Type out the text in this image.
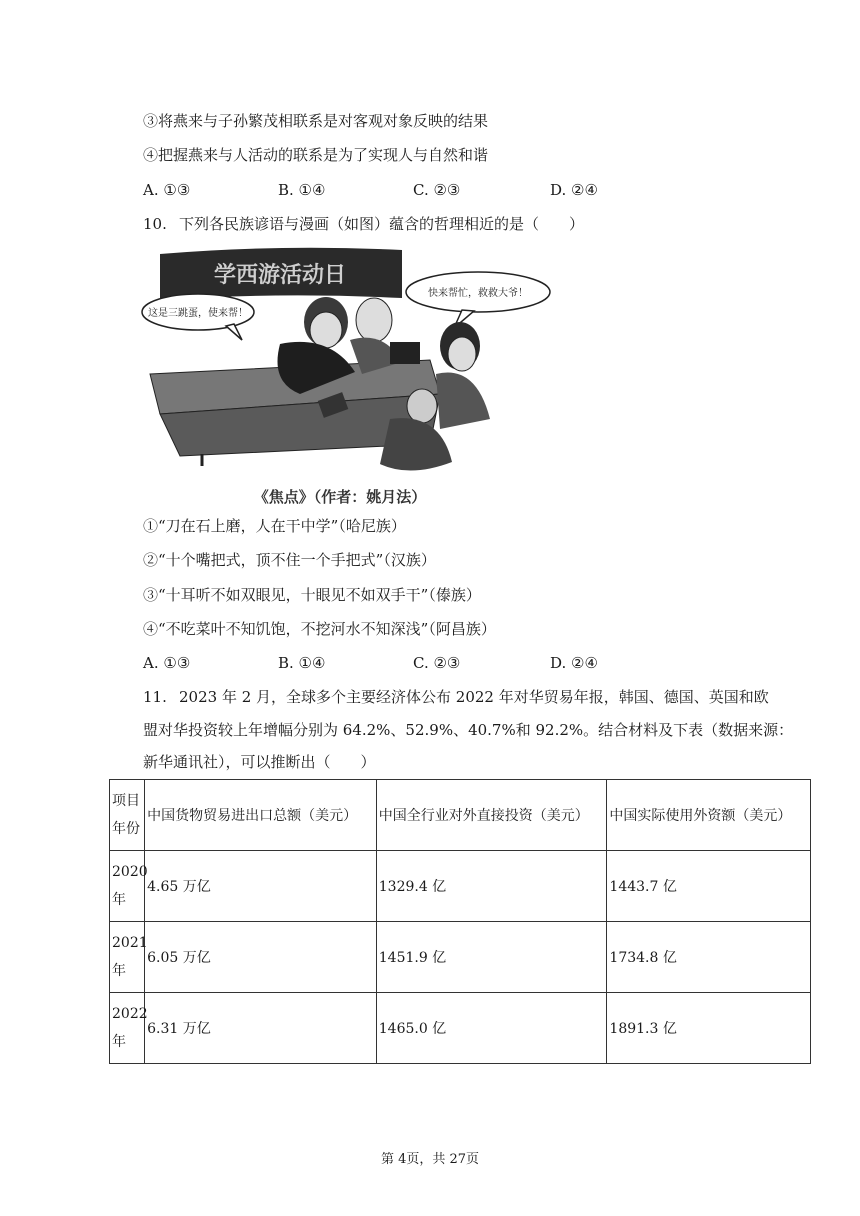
③将燕来与子孙繁茂相联系是对客观对象反映的结果
④把握燕来与人活动的联系是为了实现人与自然和谐
A. ①③	B. ①④	C. ②③	D. ②④
10. 下列各民族谚语与漫画（如图）蕴含的哲理相近的是（　　）
学西游活动日
这是三跳蛋，使来帮！
快来帮忙，救救大爷！
《焦点》（作者：姚月法）
①“刀在石上磨，人在干中学”（哈尼族）
②“十个嘴把式，顶不住一个手把式”（汉族）
③“十耳听不如双眼见，十眼见不如双手干”（傣族）
④“不吃菜叶不知饥饱，不挖河水不知深浅”（阿昌族）
A. ①③	B. ①④	C. ②③	D. ②④
11. 2023 年 2 月，全球多个主要经济体公布 2022 年对华贸易年报，韩国、德国、英国和欧
盟对华投资较上年增幅分别为 64.2%、52.9%、40.7%和 92.2%。结合材料及下表（数据来源：
新华通讯社），可以推断出（　　）
项目
年份	中国货物贸易进出口总额（美元）	中国全行业对外直接投资（美元）	中国实际使用外资额（美元）

2020
年	4.65 万亿	1329.4 亿	1443.7 亿

2021
年	6.05 万亿	1451.9 亿	1734.8 亿

2022
年	6.31 万亿	1465.0 亿	1891.3 亿
第 4页，共 27页
